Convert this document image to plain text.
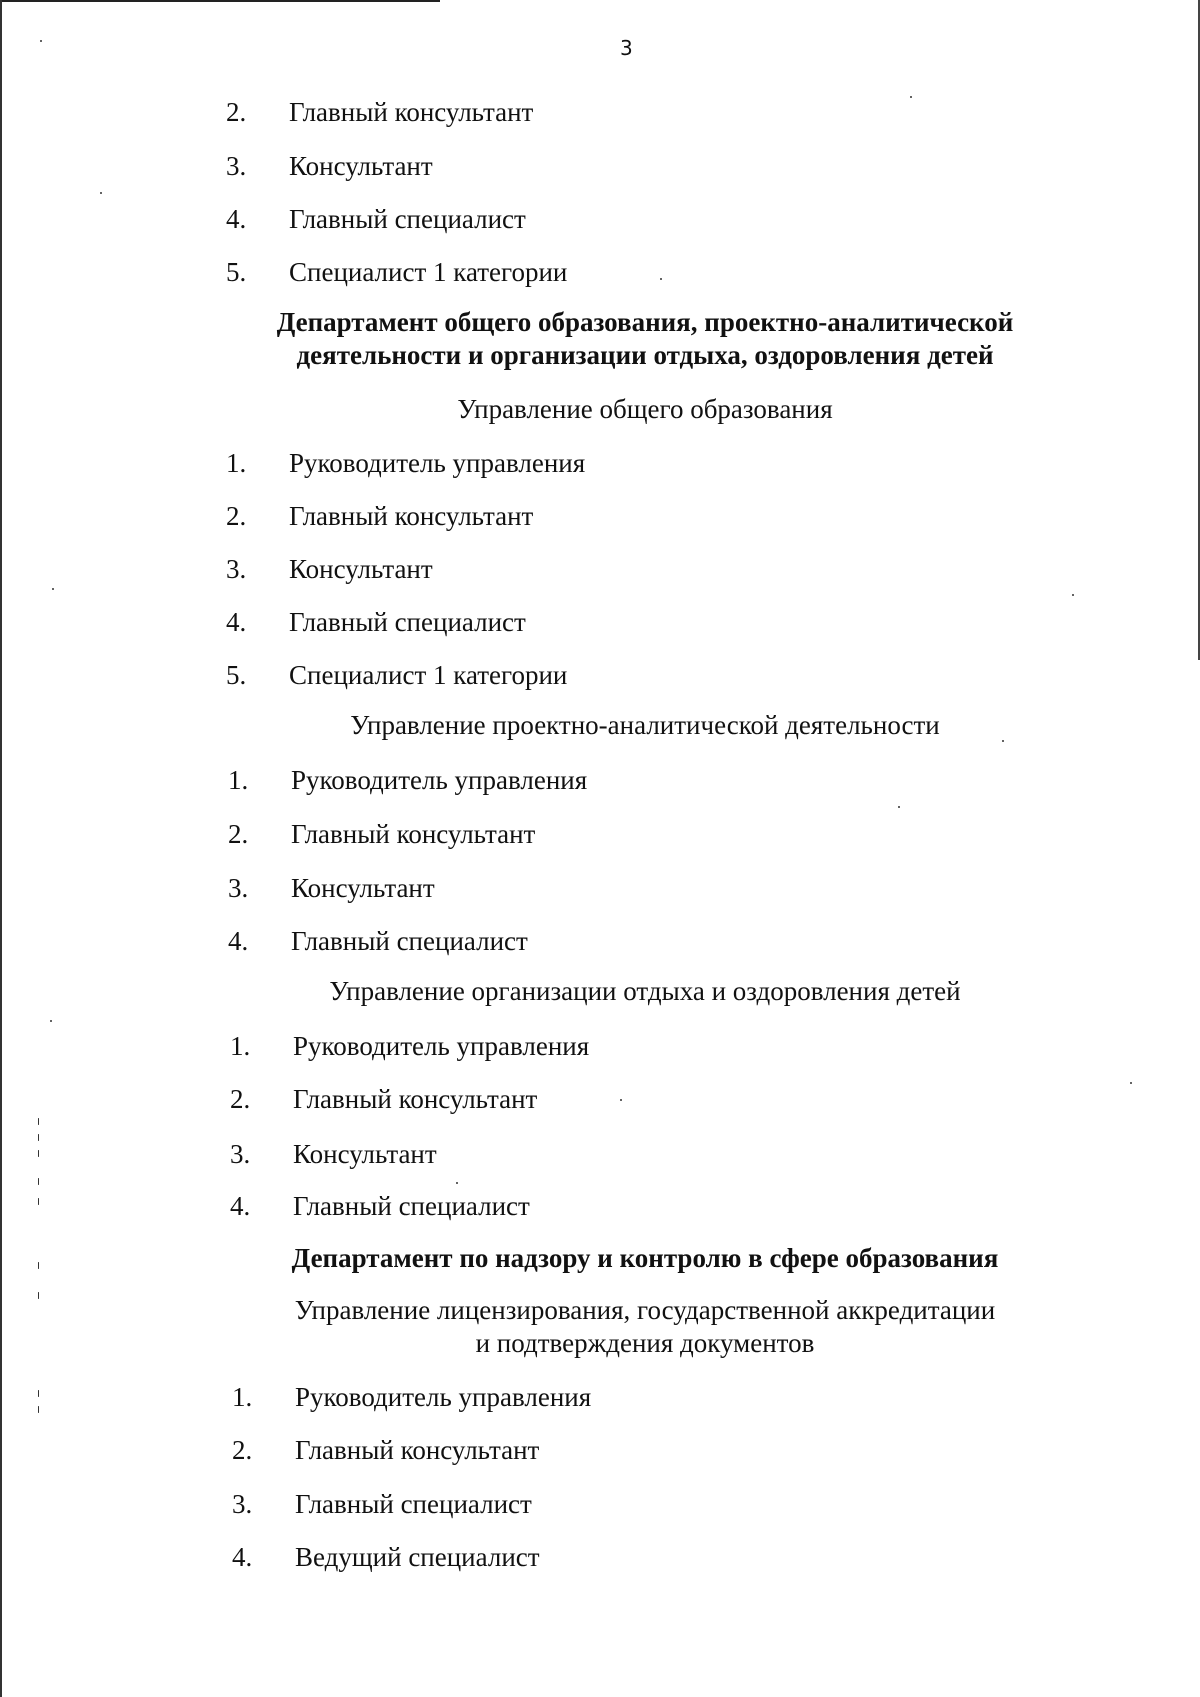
3
2. Главный консультант
3. Консультант
4. Главный специалист
5. Специалист 1 категории
Департамент общего образования, проектно-аналитической
деятельности и организации отдыха, оздоровления детей
Управление общего образования
1. Руководитель управления
2. Главный консультант
3. Консультант
4. Главный специалист
5. Специалист 1 категории
Управление проектно-аналитической деятельности
1. Руководитель управления
2. Главный консультант
3. Консультант
4. Главный специалист
Управление организации отдыха и оздоровления детей
1. Руководитель управления
2. Главный консультант
3. Консультант
4. Главный специалист
Департамент по надзору и контролю в сфере образования
Управление лицензирования, государственной аккредитации
и подтверждения документов
1. Руководитель управления
2. Главный консультант
3. Главный специалист
4. Ведущий специалист
